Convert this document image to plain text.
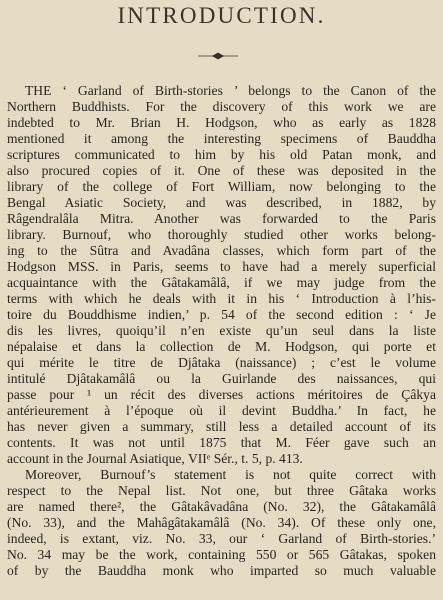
INTRODUCTION.
THE ‘ Garland of Birth-stories ’ belongs to the Canon of the
Northern Buddhists. For the discovery of this work we are
indebted to Mr. Brian H. Hodgson, who as early as 1828
mentioned it among the interesting specimens of Bauddha
scriptures communicated to him by his old Patan monk, and
also procured copies of it. One of these was deposited in the
library of the college of Fort William, now belonging to the
Bengal Asiatic Society, and was described, in 1882, by
Râgendralâla Mitra. Another was forwarded to the Paris
library. Burnouf, who thoroughly studied other works belong-
ing to the Sûtra and Avadâna classes, which form part of the
Hodgson MSS. in Paris, seems to have had a merely superficial
acquaintance with the Gâtakamâlâ, if we may judge from the
terms with which he deals with it in his ‘ Introduction à l’his-
toire du Bouddhisme indien,’ p. 54 of the second edition : ‘ Je
dis les livres, quoiqu’il n’en existe qu’un seul dans la liste
népalaise et dans la collection de M. Hodgson, qui porte et
qui mérite le titre de Djâtaka (naissance) ; c’est le volume
intitulé Djâtakamâlâ ou la Guirlande des naissances, qui
passe pour ¹ un récit des diverses actions méritoires de Çâkya
antérieurement à l’époque où il devint Buddha.’ In fact, he
has never given a summary, still less a detailed account of its
contents. It was not until 1875 that M. Féer gave such an
account in the Journal Asiatique, VIIᵉ Sér., t. 5, p. 413.
Moreover, Burnouf’s statement is not quite correct with
respect to the Nepal list. Not one, but three Gâtaka works
are named there², the Gâtakâvadâna (No. 32), the Gâtakamâlâ
(No. 33), and the Mahâgâtakamâlâ (No. 34). Of these only one,
indeed, is extant, viz. No. 33, our ‘ Garland of Birth-stories.’
No. 34 may be the work, containing 550 or 565 Gâtakas, spoken
of by the Bauddha monk who imparted so much valuable
